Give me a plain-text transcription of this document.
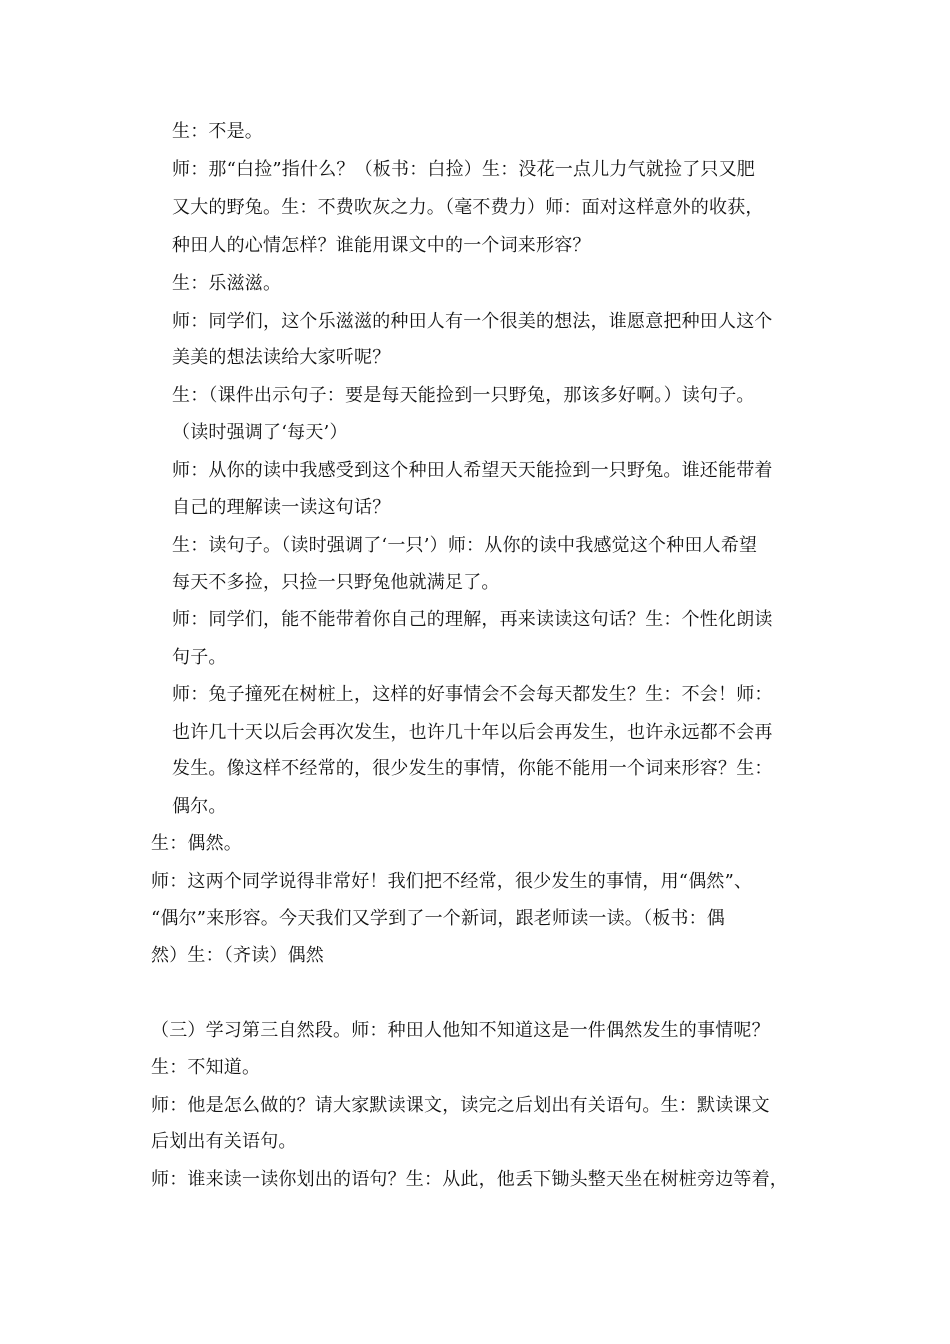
生：不是。
师：那“白捡”指什么？（板书：白捡）生：没花一点儿力气就捡了只又肥
又大的野兔。生：不费吹灰之力。（毫不费力）师：面对这样意外的收获，
种田人的心情怎样？谁能用课文中的一个词来形容？
生：乐滋滋。
师：同学们，这个乐滋滋的种田人有一个很美的想法，谁愿意把种田人这个
美美的想法读给大家听呢？
生：（课件出示句子：要是每天能捡到一只野兔，那该多好啊。）读句子。
（读时强调了‘每天’）
师：从你的读中我感受到这个种田人希望天天能捡到一只野兔。谁还能带着
自己的理解读一读这句话？
生：读句子。（读时强调了‘一只’）师：从你的读中我感觉这个种田人希望
每天不多捡，只捡一只野兔他就满足了。
师：同学们，能不能带着你自己的理解，再来读读这句话？生：个性化朗读
句子。
师：兔子撞死在树桩上，这样的好事情会不会每天都发生？生：不会！师：
也许几十天以后会再次发生，也许几十年以后会再发生，也许永远都不会再
发生。像这样不经常的，很少发生的事情，你能不能用一个词来形容？生：
偶尔。
生：偶然。
师：这两个同学说得非常好！我们把不经常，很少发生的事情，用“偶然”、
“偶尔”来形容。今天我们又学到了一个新词，跟老师读一读。（板书：偶
然）生：（齐读）偶然
（三）学习第三自然段。师：种田人他知不知道这是一件偶然发生的事情呢？
生：不知道。
师：他是怎么做的？请大家默读课文，读完之后划出有关语句。生：默读课文
后划出有关语句。
师：谁来读一读你划出的语句？生：从此，他丢下锄头整天坐在树桩旁边等着，
